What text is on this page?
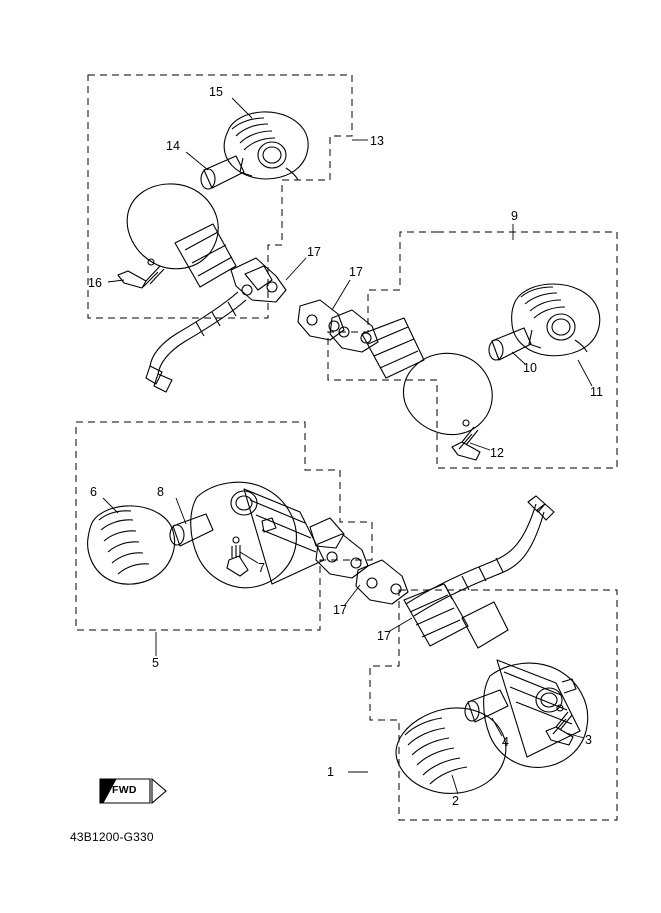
15
13
14
16
17
17
9
10
11
12
6	8
7
5
17
17
1
2
3
4
FWD
43B1200-G330
